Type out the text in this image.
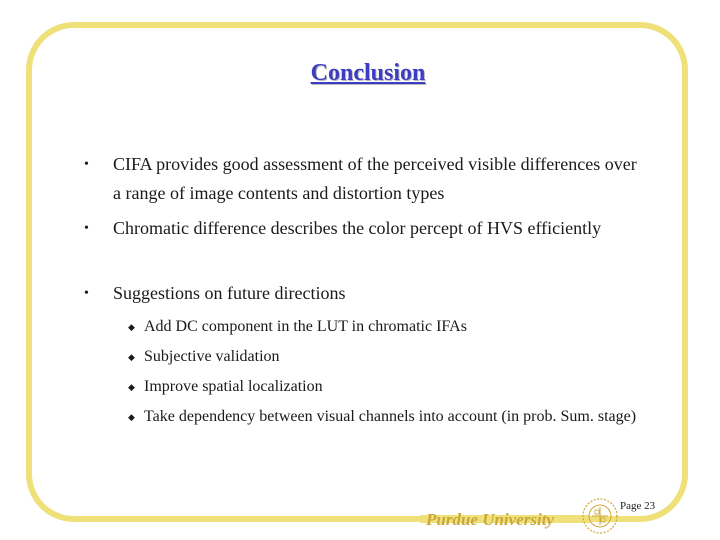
Conclusion
•	CIFA provides good assessment of the perceived visible differences over a range of image contents and distortion types
•	Chromatic difference describes the color percept of HVS efficiently
•	Suggestions on future directions
◆ Add DC component in the LUT in chromatic IFAs
◆ Subjective validation
◆ Improve spatial localization
◆ Take dependency between visual channels into account (in prob. Sum. stage)
Page 23
Purdue University
